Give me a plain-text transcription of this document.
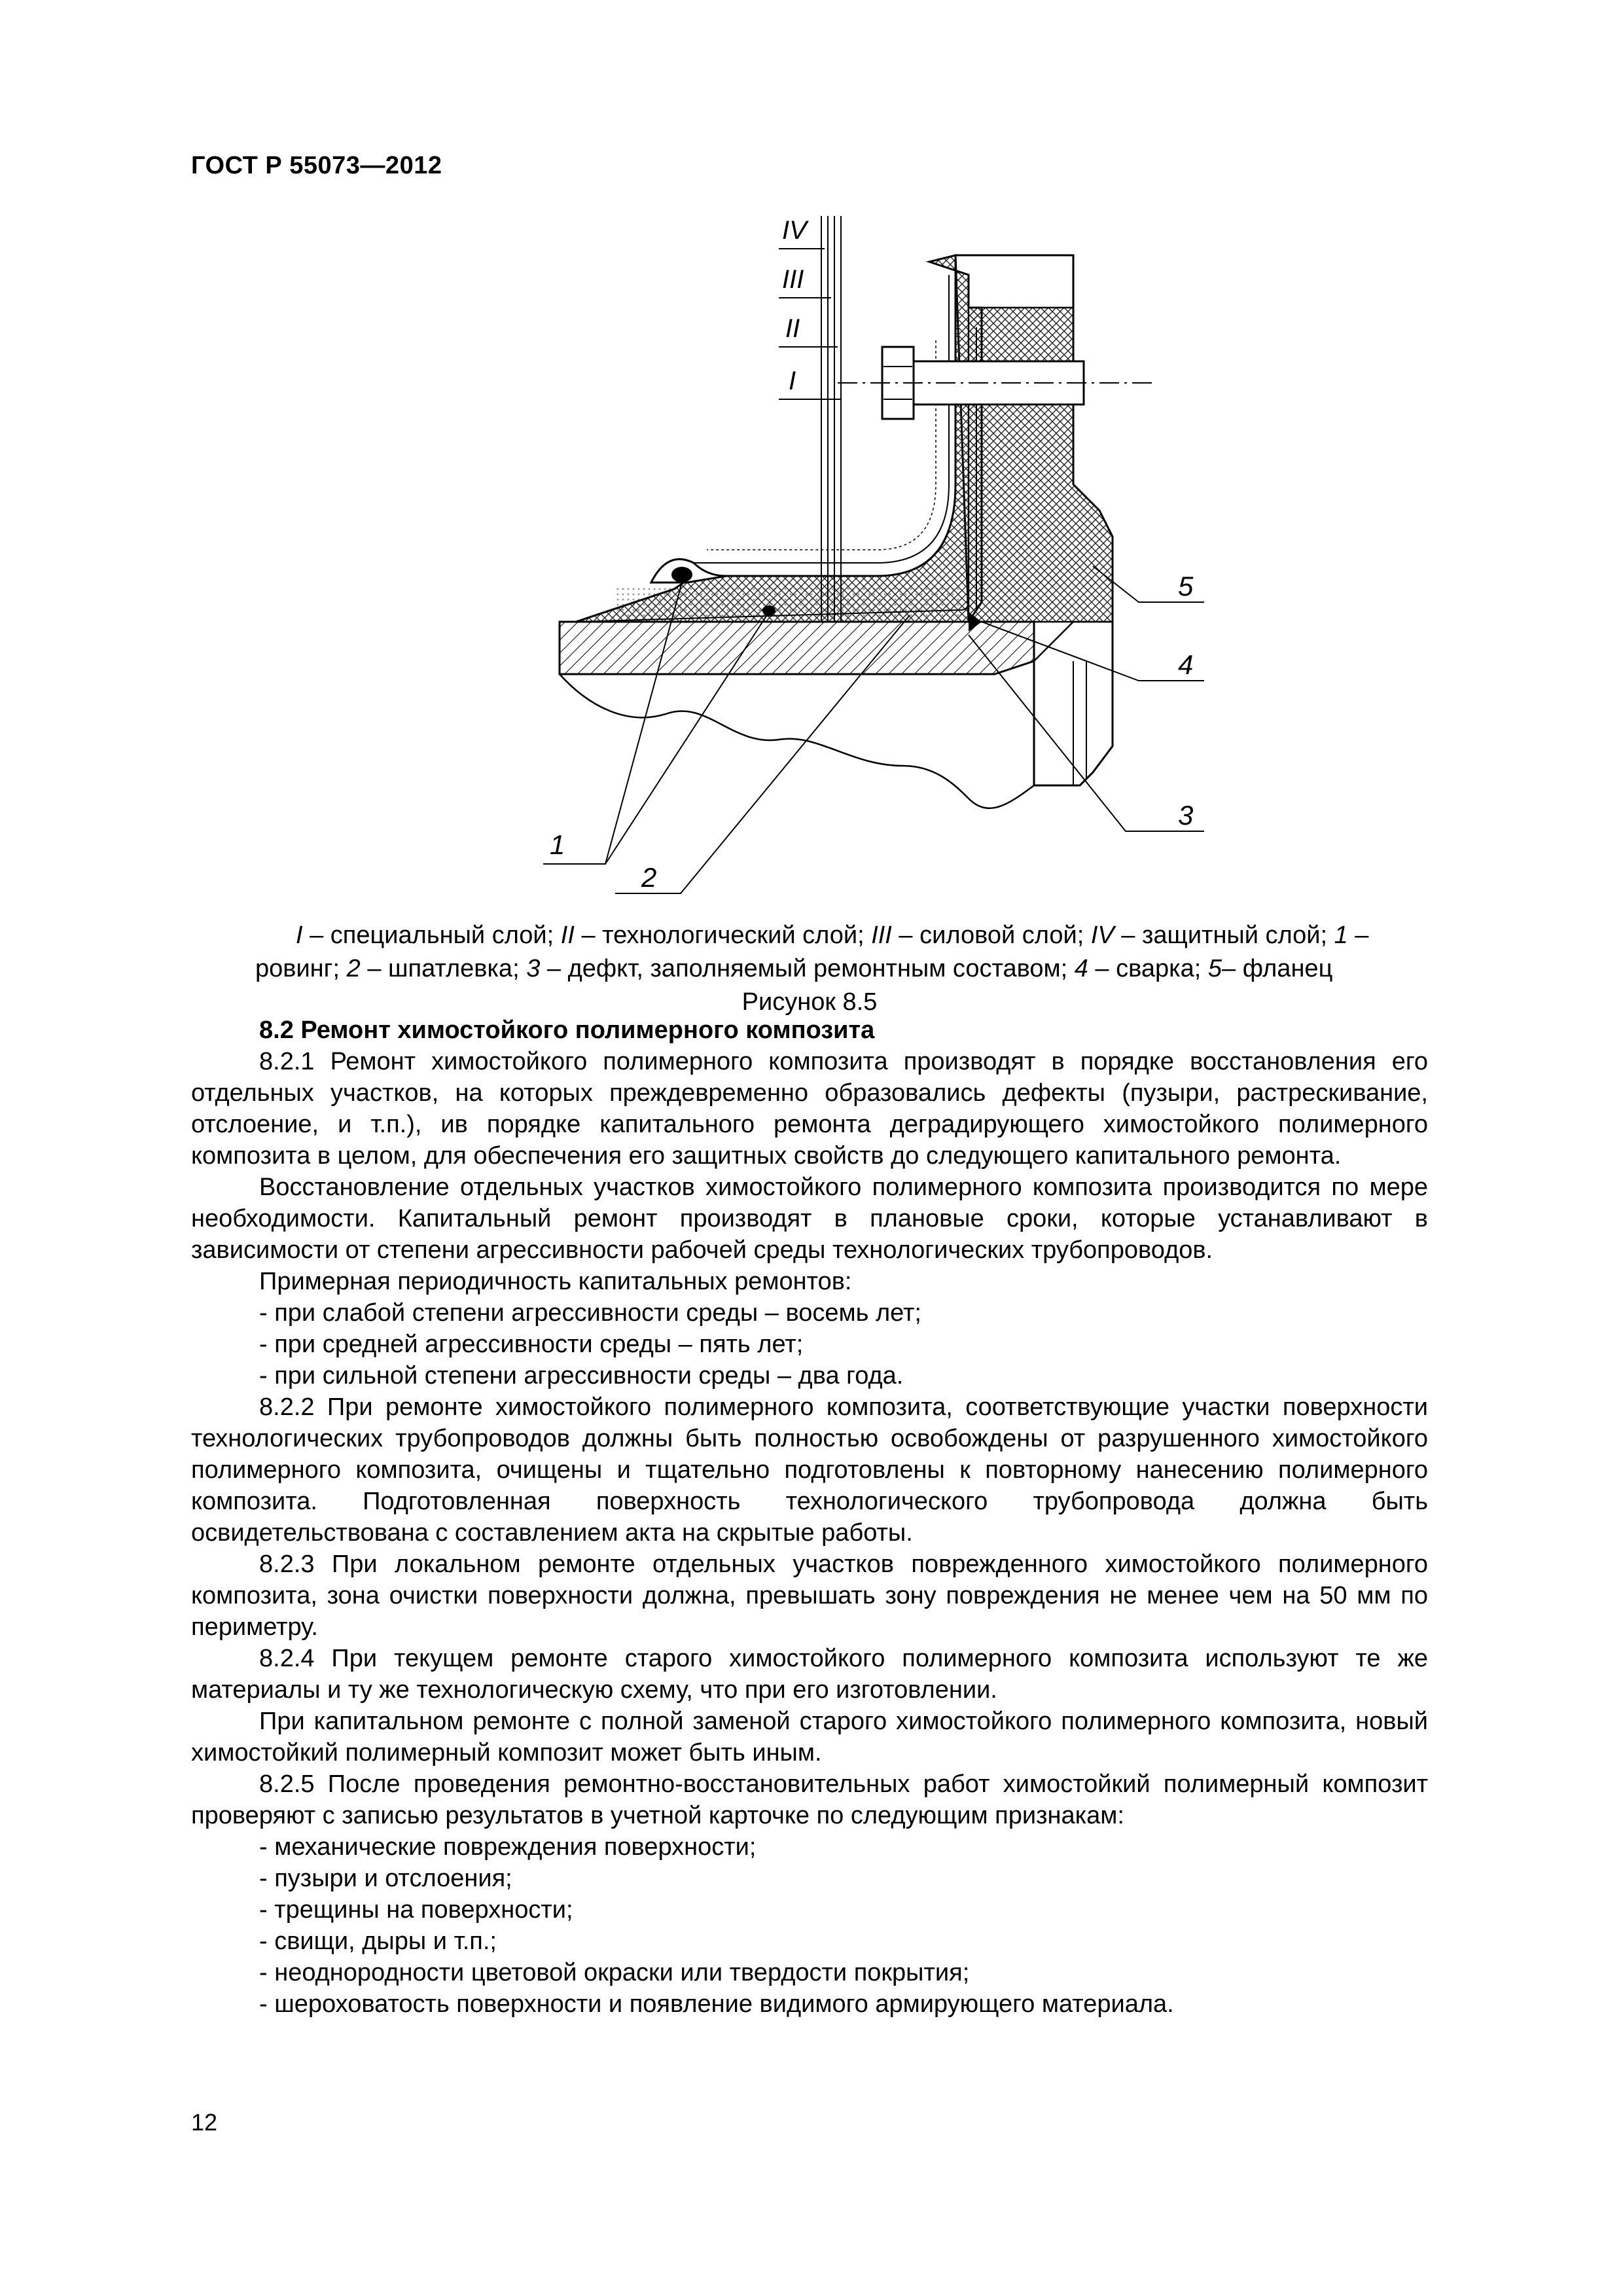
ГОСТ Р 55073—2012
IV
III
II
I
1
2
3
4
5
I – специальный слой; II – технологический слой; III – силовой слой; IV – защитный слой; 1 –
ровинг; 2 – шпатлевка; 3 – дефкт, заполняемый ремонтным составом; 4 – сварка; 5– фланец
Рисунок 8.5

8.2 Ремонт химостойкого полимерного композита

8.2.1 Ремонт химостойкого полимерного композита производят в порядке восстановления его отдельных участков, на которых преждевременно образовались дефекты (пузыри, растрескивание, отслоение, и т.п.), ив порядке капитального ремонта деградирующего химостойкого полимерного композита в целом, для обеспечения его защитных свойств до следующего капитального ремонта.

Восстановление отдельных участков химостойкого полимерного композита производится по мере необходимости. Капитальный ремонт производят в плановые сроки, которые устанавливают в зависимости от степени агрессивности рабочей среды технологических трубопроводов.

Примерная периодичность капитальных ремонтов:

- при слабой степени агрессивности среды – восемь лет;

- при средней агрессивности среды – пять лет;

- при сильной степени агрессивности среды – два года.

8.2.2 При ремонте химостойкого полимерного композита, соответствующие участки поверхности технологических трубопроводов должны быть полностью освобождены от разрушенного химостойкого полимерного композита, очищены и тщательно подготовлены к повторному нанесению полимерного композита. Подготовленная поверхность технологического трубопровода должна быть освидетельствована с составлением акта на скрытые работы.

8.2.3 При локальном ремонте отдельных участков поврежденного химостойкого полимерного композита, зона очистки поверхности должна, превышать зону повреждения не менее чем на 50 мм по периметру.

8.2.4 При текущем ремонте старого химостойкого полимерного композита используют те же материалы и ту же технологическую схему, что при его изготовлении.

При капитальном ремонте с полной заменой старого химостойкого полимерного композита, новый химостойкий полимерный композит может быть иным.

8.2.5 После проведения ремонтно-восстановительных работ химостойкий полимерный композит проверяют с записью результатов в учетной карточке по следующим признакам:

- механические повреждения поверхности;

- пузыри и отслоения;

- трещины на поверхности;

- свищи, дыры и т.п.;

- неоднородности цветовой окраски или твердости покрытия;

- шероховатость поверхности и появление видимого армирующего материала.

12
